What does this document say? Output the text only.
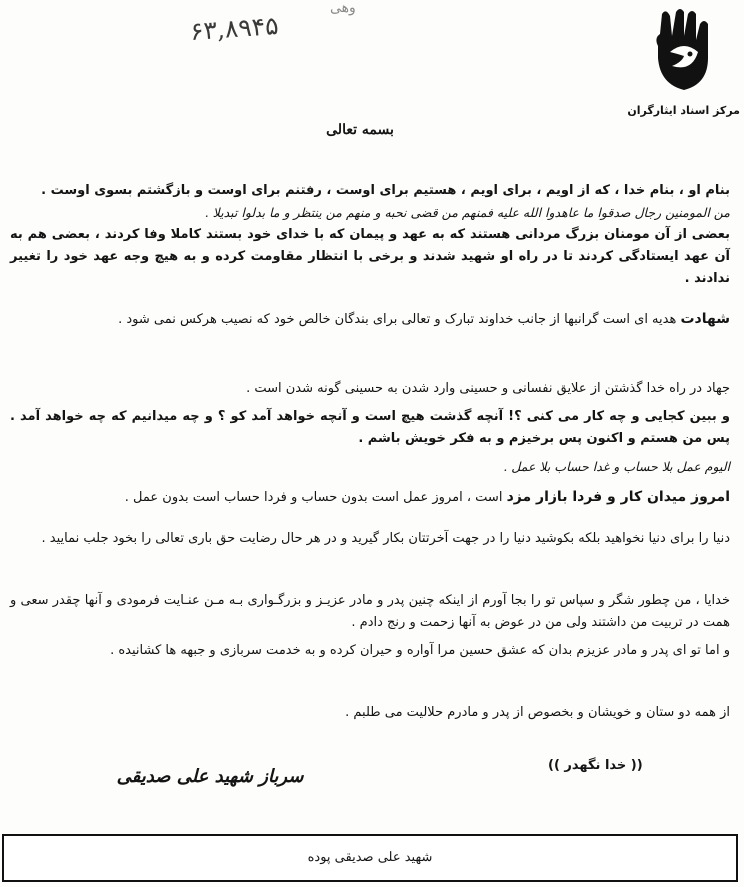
۶۳,۸۹۴۵
وهی
مرکز اسناد ایثارگران
بسمه تعالی
بنام او ، بنام خدا ، که از اویم ، برای اویم ، هستیم برای اوست ، رفتنم برای اوست و بازگشتم بسوی اوست .
من المومنین رجال صدقوا ما عاهدوا الله علیه فمنهم من قضی نحبه و منهم من ینتظر و ما بدلوا تبدیلا .
بعضی از آن مومنان بزرگ مردانی هستند که به عهد و پیمان که با خدای خود بستند کاملا وفا کردند ، بعضی هم به آن عهد ایستادگی کردند تا در راه او شهید شدند و برخی با انتظار مقاومت کرده و به هیچ وجه عهد خود را تغییر ندادند .
شهادت هدیه ای است گرانبها از جانب خداوند تبارک و تعالی برای بندگان خالص خود که نصیب هرکس نمی شود .
جهاد در راه خدا گذشتن از علایق نفسانی و حسینی وارد شدن به حسینی گونه شدن است .
و ببین کجایی و چه کار می کنی ؟! آنچه گذشت هیچ است و آنچه خواهد آمد کو ؟ و چه میدانیم که چه خواهد آمد . پس من هستم و اکنون پس برخیزم و به فکر خویش باشم .
الیوم عمل بلا حساب و غدا حساب بلا عمل .
امروز میدان کار و فردا بازار مزد است ، امروز عمل است بدون حساب و فردا حساب است بدون عمل .
دنیا را برای دنیا نخواهید بلکه بکوشید دنیا را در جهت آخرتتان بکار گیرید و در هر حال رضایت حق باری تعالی را بخود جلب نمایید .
خدایا ، من چطور شگر و سپاس تو را بجا آورم از اینکه چنین پدر و مادر عزیـز و بزرگـواری بـه مـن عنـایت فرمودی و آنها چقدر سعی و همت در تربیت من داشتند ولی من در عوض به آنها زحمت و رنج دادم .
و اما تو ای پدر و مادر عزیزم بدان که عشق حسین مرا آواره و حیران کرده و به خدمت سربازی و جبهه ها کشانیده .
از همه دو ستان و خویشان و بخصوص از پدر و مادرم حلالیت می طلبم .
(( خدا نگهدر ))
سرباز شهید علی صدیقی
شهید علی صدیقی پوده
